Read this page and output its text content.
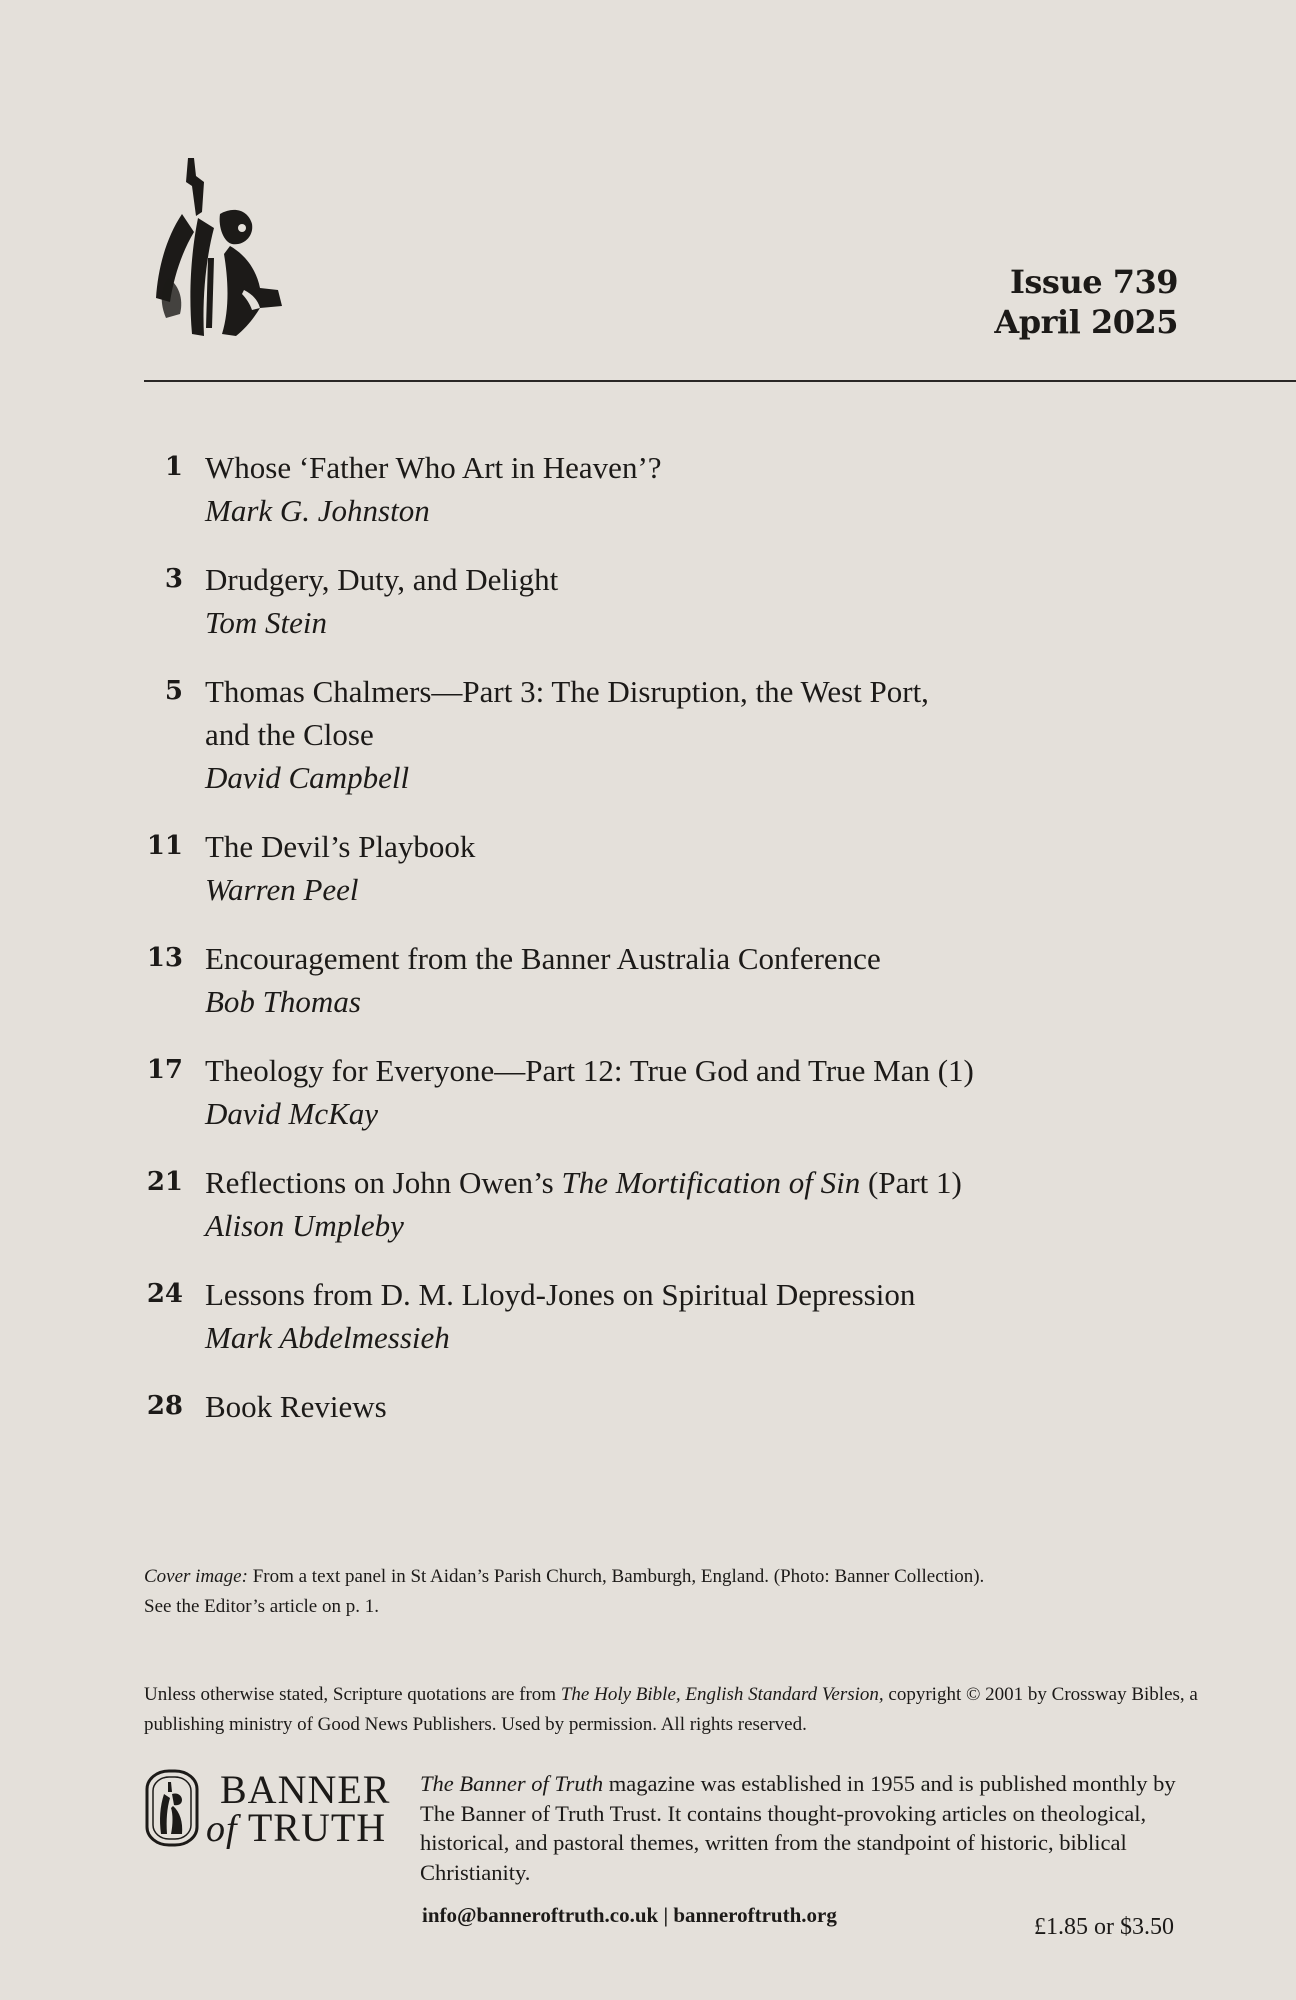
Issue 739
April 2025
1 Whose ‘Father Who Art in Heaven’?
Mark G. Johnston
3 Drudgery, Duty, and Delight
Tom Stein
5 Thomas Chalmers—Part 3: The Disruption, the West Port,
and the Close
David Campbell
11 The Devil’s Playbook
Warren Peel
13 Encouragement from the Banner Australia Conference
Bob Thomas
17 Theology for Everyone—Part 12: True God and True Man (1)
David McKay
21 Reflections on John Owen’s The Mortification of Sin (Part 1)
Alison Umpleby
24 Lessons from D. M. Lloyd-Jones on Spiritual Depression
Mark Abdelmessieh
28 Book Reviews
Cover image: From a text panel in St Aidan’s Parish Church, Bamburgh, England. (Photo: Banner Collection).
See the Editor’s article on p. 1.
Unless otherwise stated, Scripture quotations are from The Holy Bible, English Standard Version, copyright © 2001 by Crossway Bibles, a publishing ministry of Good News Publishers. Used by permission. All rights reserved.
BANNER
of TRUTH
The Banner of Truth magazine was established in 1955 and is published monthly by The Banner of Truth Trust. It contains thought-provoking articles on theological, historical, and pastoral themes, written from the standpoint of historic, biblical Christianity.
info@banneroftruth.co.uk | banneroftruth.org	£1.85 or $3.50
